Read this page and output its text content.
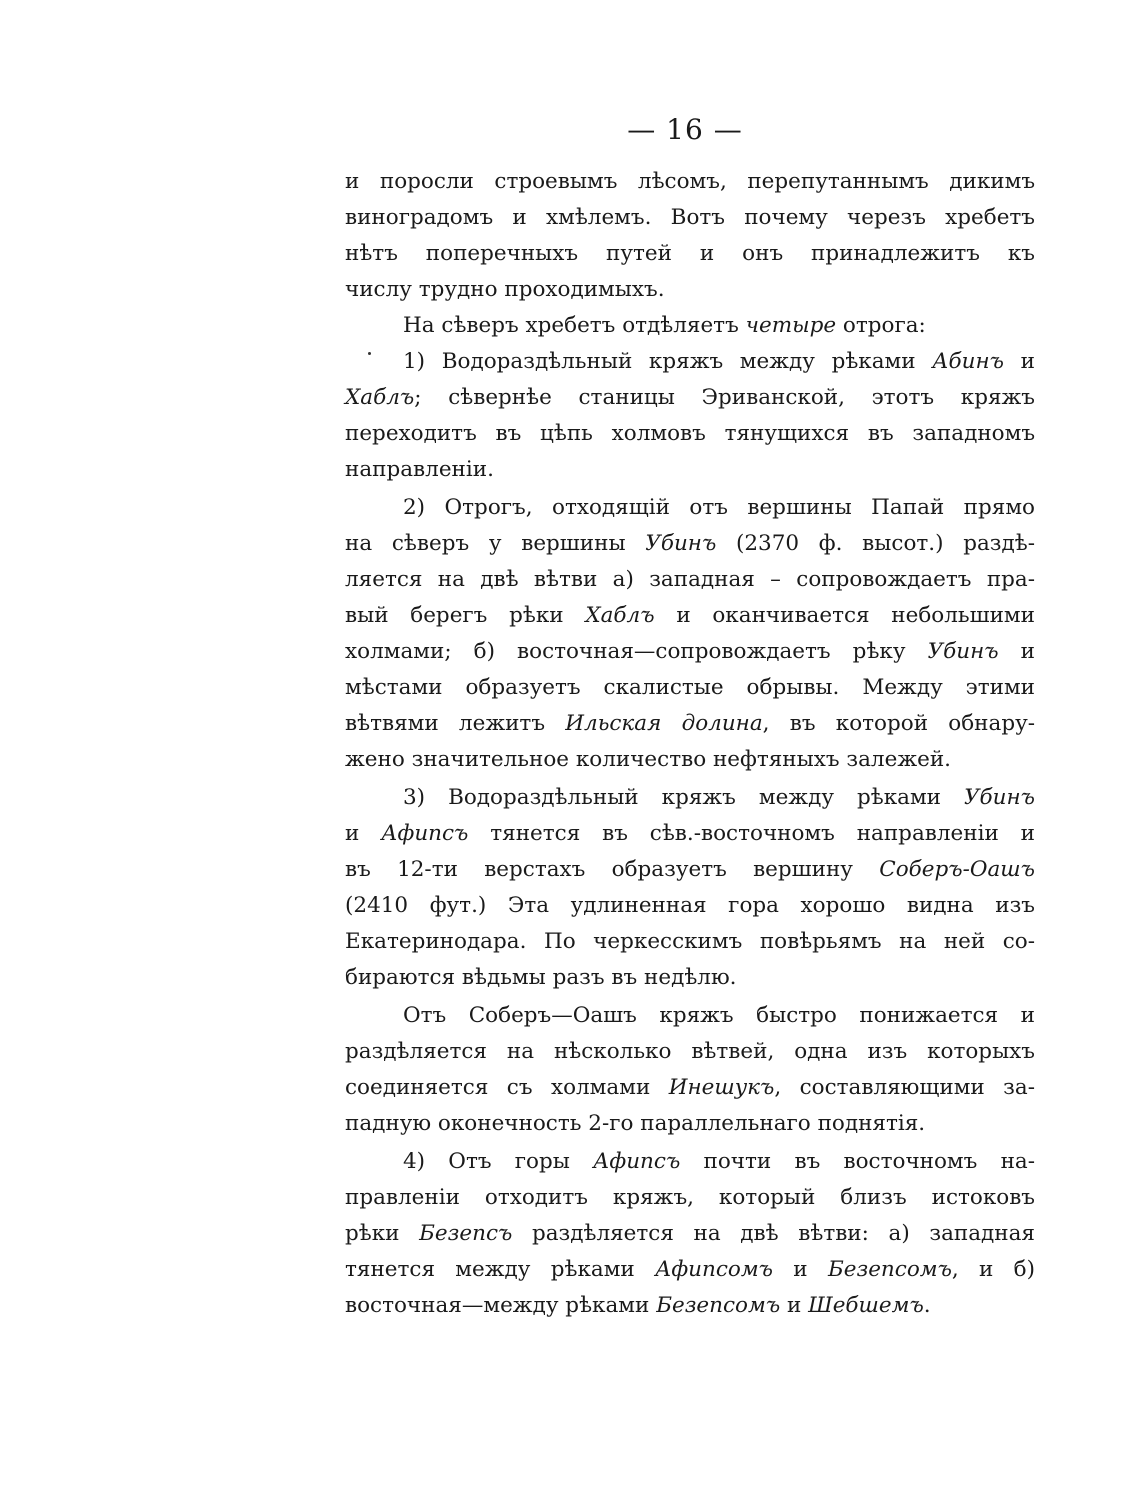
— 16 —

и поросли строевымъ лѣсомъ, перепутаннымъ дикимъ
виноградомъ и хмѣлемъ. Вотъ почему черезъ хребетъ
нѣтъ поперечныхъ путей и онъ принадлежитъ къ
числу трудно проходимыхъ.

На сѣверъ хребетъ отдѣляетъ четыре отрога:

1) Водораздѣльный кряжъ между рѣками Абинъ и
Хаблъ; сѣвернѣе станицы Эриванской, этотъ кряжъ
переходитъ въ цѣпь холмовъ тянущихся въ западномъ
направленіи.

2) Отрогъ, отходящій отъ вершины Папай прямо
на сѣверъ у вершины Убинъ (2370 ф. высот.) раздѣ-
ляется на двѣ вѣтви а) западная – сопровождаетъ пра-
вый берегъ рѣки Хаблъ и оканчивается небольшими
холмами; б) восточная—сопровождаетъ рѣку Убинъ и
мѣстами образуетъ скалистые обрывы. Между этими
вѣтвями лежитъ Ильская долина, въ которой обнару-
жено значительное количество нефтяныхъ залежей.

3) Водораздѣльный кряжъ между рѣками Убинъ
и Афипсъ тянется въ сѣв.-восточномъ направленіи и
въ 12-ти верстахъ образуетъ вершину Соберъ-Оашъ
(2410 фут.) Эта удлиненная гора хорошо видна изъ
Екатеринодара. По черкесскимъ повѣрьямъ на ней со-
бираются вѣдьмы разъ въ недѣлю.

Отъ Соберъ—Оашъ кряжъ быстро понижается и
раздѣляется на нѣсколько вѣтвей, одна изъ которыхъ
соединяется съ холмами Инешукъ, составляющими за-
падную оконечность 2-го параллельнаго поднятія.

4) Отъ горы Афипсъ почти въ восточномъ на-
правленіи отходитъ кряжъ, который близъ истоковъ
рѣки Безепсъ раздѣляется на двѣ вѣтви: а) западная
тянется между рѣками Афипсомъ и Безепсомъ, и б)
восточная—между рѣками Безепсомъ и Шебшемъ.
